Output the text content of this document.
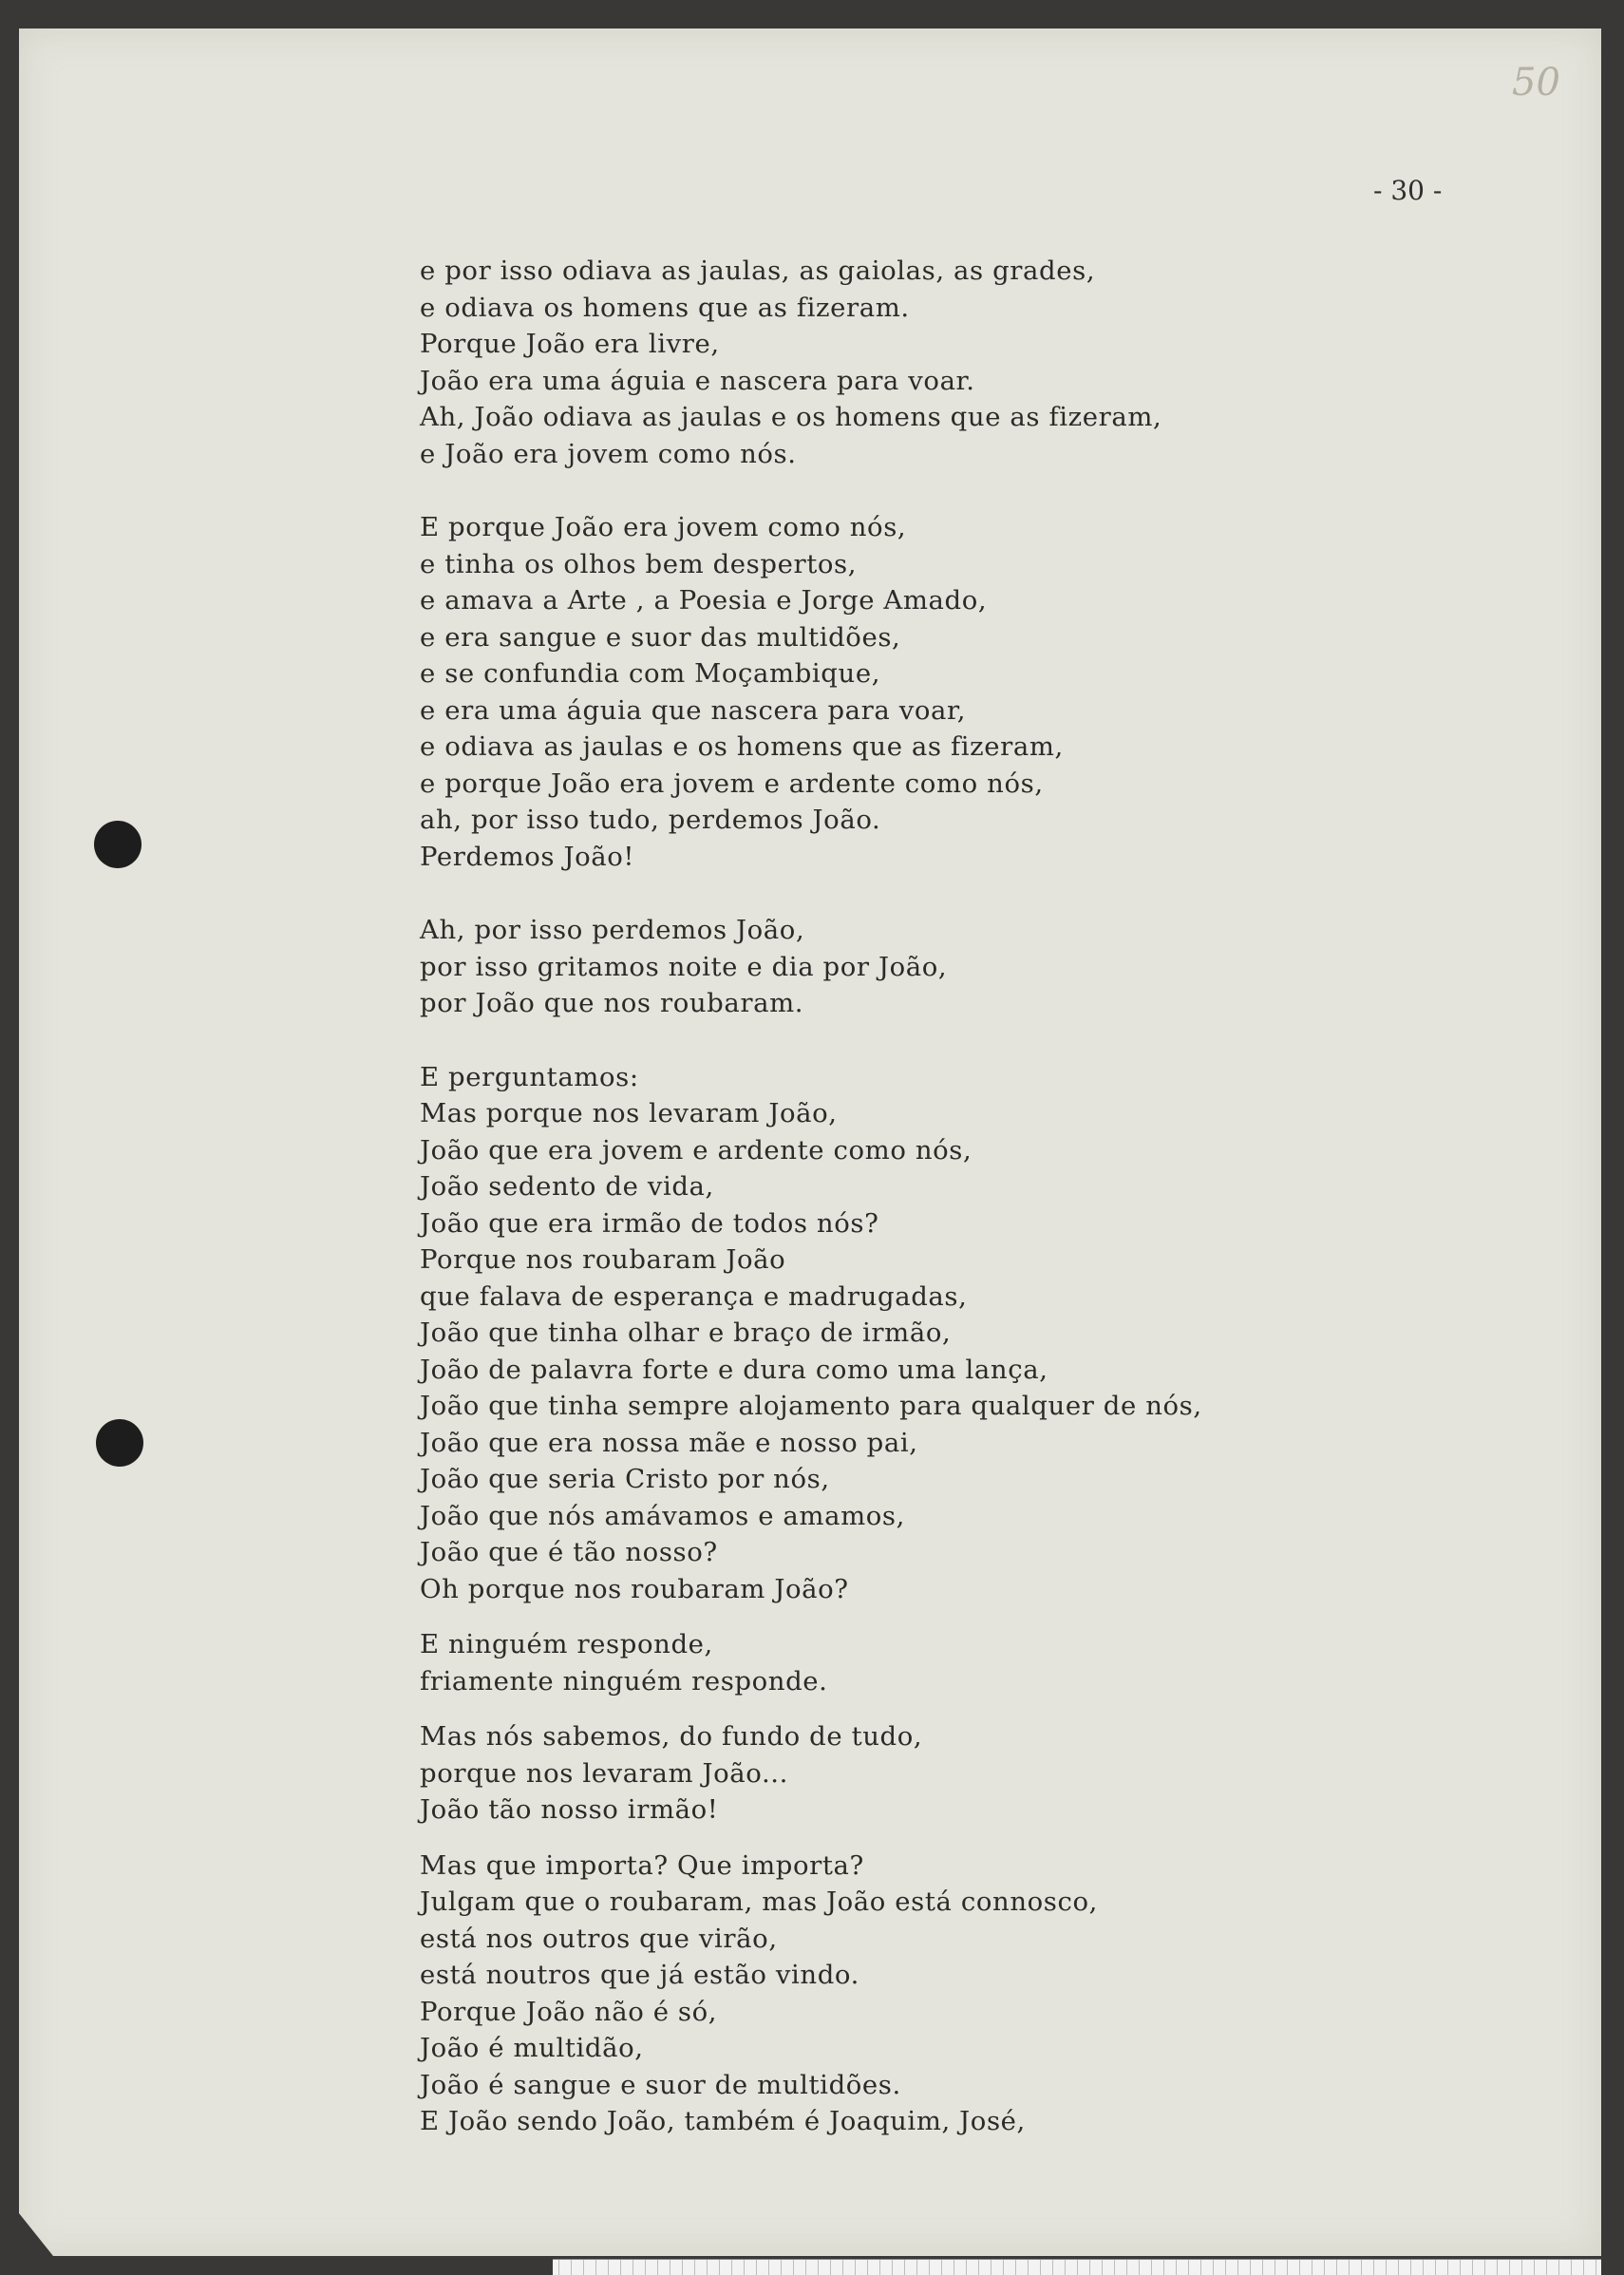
50
- 30 -
e por isso odiava as jaulas, as gaiolas, as grades,
e odiava os homens que as fizeram.
Porque João era livre,
João era uma águia e nascera para voar.
Ah, João odiava as jaulas e os homens que as fizeram,
e João era jovem como nós.
E porque João era jovem como nós,
e tinha os olhos bem despertos,
e amava a Arte , a Poesia e Jorge Amado,
e era sangue e suor das multidões,
e se confundia com Moçambique,
e era uma águia que nascera para voar,
e odiava as jaulas e os homens que as fizeram,
e porque João era jovem e ardente como nós,
ah, por isso tudo, perdemos João.
Perdemos João!
Ah, por isso perdemos João,
por isso gritamos noite e dia por João,
por João que nos roubaram.
E perguntamos:
Mas porque nos levaram João,
João que era jovem e ardente como nós,
João sedento de vida,
João que era irmão de todos nós?
Porque nos roubaram João
que falava de esperança e madrugadas,
João que tinha olhar e braço de irmão,
João de palavra forte e dura como uma lança,
João que tinha sempre alojamento para qualquer de nós,
João que era nossa mãe e nosso pai,
João que seria Cristo por nós,
João que nós amávamos e amamos,
João que é tão nosso?
Oh porque nos roubaram João?
E ninguém responde,
friamente ninguém responde.
Mas nós sabemos, do fundo de tudo,
porque nos levaram João...
João tão nosso irmão!
Mas que importa? Que importa?
Julgam que o roubaram, mas João está connosco,
está nos outros que virão,
está noutros que já estão vindo.
Porque João não é só,
João é multidão,
João é sangue e suor de multidões.
E João sendo João, também é Joaquim, José,
